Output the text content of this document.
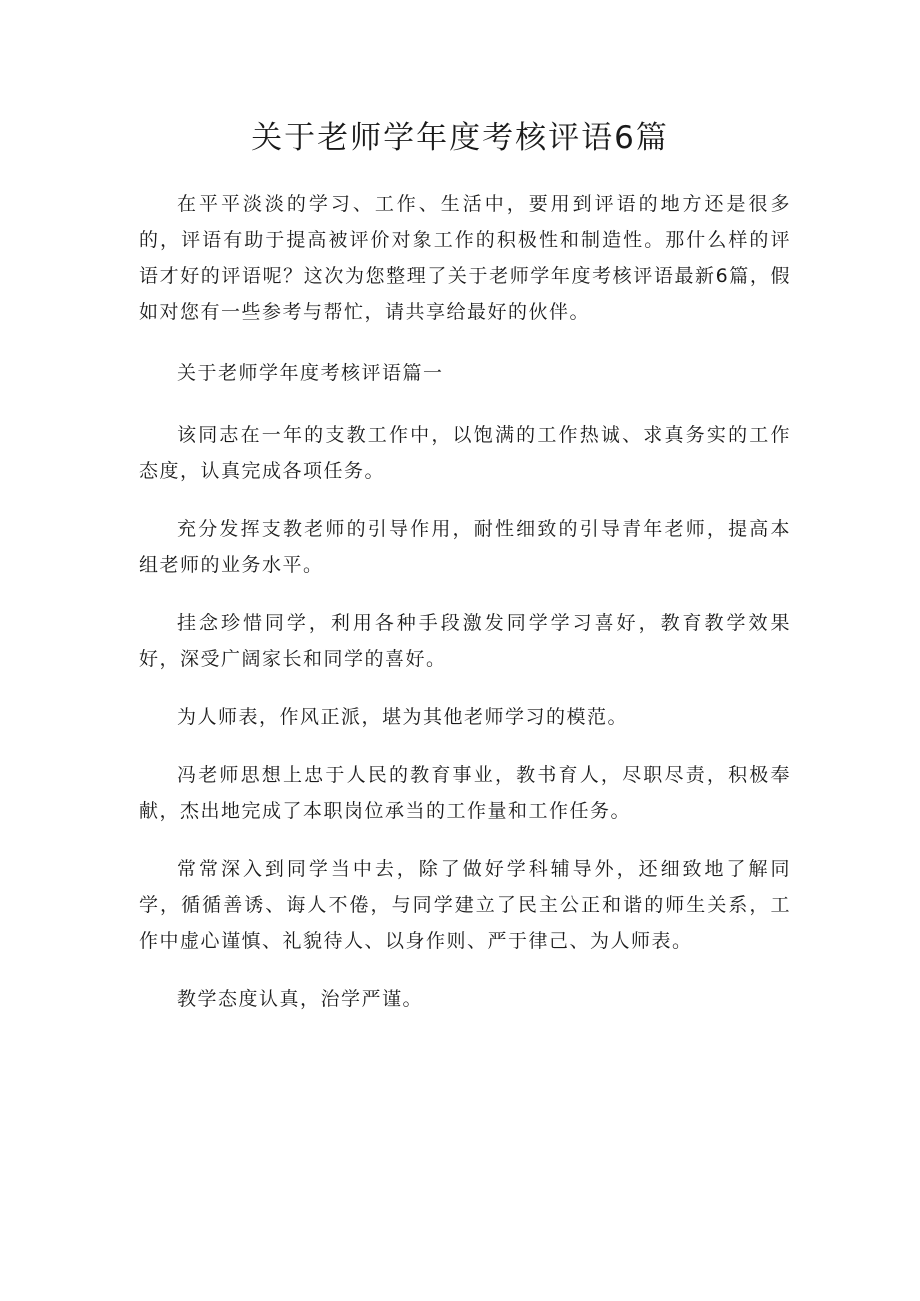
关于老师学年度考核评语6篇

在平平淡淡的学习、工作、生活中，要用到评语的地方还是很多的，评语有助于提高被评价对象工作的积极性和制造性。那什么样的评语才好的评语呢？这次为您整理了关于老师学年度考核评语最新6篇，假如对您有一些参考与帮忙，请共享给最好的伙伴。

关于老师学年度考核评语篇一

该同志在一年的支教工作中，以饱满的工作热诚、求真务实的工作态度，认真完成各项任务。

充分发挥支教老师的引导作用，耐性细致的引导青年老师，提高本组老师的业务水平。

挂念珍惜同学，利用各种手段激发同学学习喜好，教育教学效果好，深受广阔家长和同学的喜好。

为人师表，作风正派，堪为其他老师学习的模范。

冯老师思想上忠于人民的教育事业，教书育人，尽职尽责，积极奉献，杰出地完成了本职岗位承当的工作量和工作任务。

常常深入到同学当中去，除了做好学科辅导外，还细致地了解同学，循循善诱、诲人不倦，与同学建立了民主公正和谐的师生关系，工作中虚心谨慎、礼貌待人、以身作则、严于律己、为人师表。

教学态度认真，治学严谨。
